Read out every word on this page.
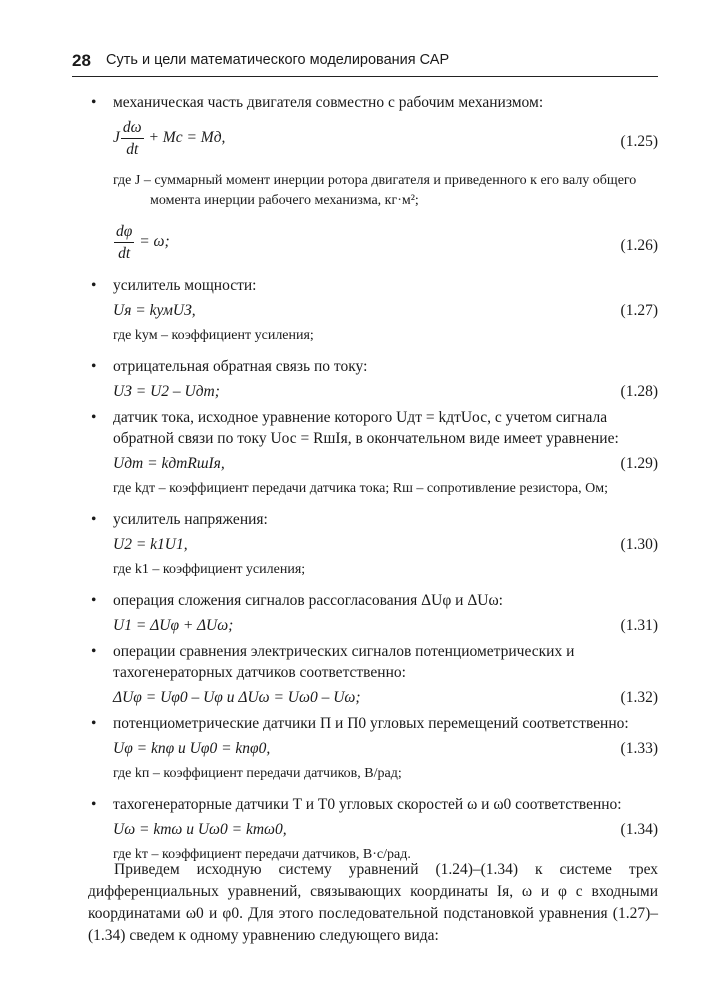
28 Суть и цели математического моделирования САР
• механическая часть двигателя совместно с рабочим механизмом:
J $\frac{d\omega}{dt}$ + Mс = Mд,	(1.25)
где J – суммарный момент инерции ротора двигателя и приведенного к его валу общего момента инерции рабочего механизма, кг·м²;
$\frac{d\varphi}{dt} = \omega$;	(1.26)
• усилитель мощности:
Uя = kумUЗ,	(1.27)
где kум – коэффициент усиления;
• отрицательная обратная связь по току:
UЗ = U2 – Uдт;	(1.28)
• датчик тока, исходное уравнение которого Uдт = kдтUос, с учетом сигнала обратной связи по току Uос = RшIя, в окончательном виде имеет уравнение:
Uдт = kдтRшIя,	(1.29)
где kдт – коэффициент передачи датчика тока; Rш – сопротивление резистора, Ом;
• усилитель напряжения:
U2 = k1U1,	(1.30)
где k1 – коэффициент усиления;
• операция сложения сигналов рассогласования ΔUφ и ΔUω:
U1 = ΔUφ + ΔUω;	(1.31)
• операции сравнения электрических сигналов потенциометрических и тахогенераторных датчиков соответственно:
ΔUφ = Uφ0 – Uφ и ΔUω = Uω0 – Uω;	(1.32)
• потенциометрические датчики П и П0 угловых перемещений соответственно:
Uφ = kпφ и Uφ0 = kпφ0,	(1.33)
где kп – коэффициент передачи датчиков, В/рад;
• тахогенераторные датчики T и T0 угловых скоростей ω и ω0 соответственно:
Uω = kтω и Uω0 = kтω0,	(1.34)
где kт – коэффициент передачи датчиков, В·с/рад.

Приведем исходную систему уравнений (1.24)–(1.34) к системе трех дифференциальных уравнений, связывающих координаты Iя, ω и φ с входными координатами ω0 и φ0. Для этого последовательной подстановкой уравнения (1.27)–(1.34) сведем к одному уравнению следующего вида:
